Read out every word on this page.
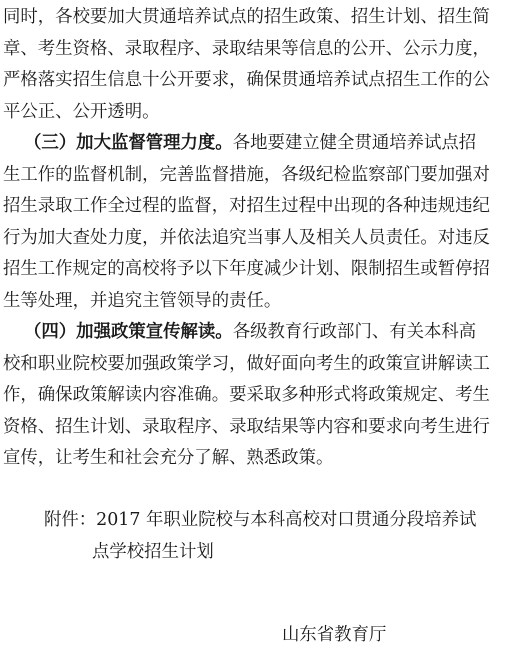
同时，各校要加大贯通培养试点的招生政策、招生计划、招生简
章、考生资格、录取程序、录取结果等信息的公开、公示力度，
严格落实招生信息十公开要求，确保贯通培养试点招生工作的公
平公正、公开透明。
（三）加大监督管理力度。各地要建立健全贯通培养试点招
生工作的监督机制，完善监督措施，各级纪检监察部门要加强对
招生录取工作全过程的监督，对招生过程中出现的各种违规违纪
行为加大查处力度，并依法追究当事人及相关人员责任。对违反
招生工作规定的高校将予以下年度减少计划、限制招生或暂停招
生等处理，并追究主管领导的责任。
（四）加强政策宣传解读。各级教育行政部门、有关本科高
校和职业院校要加强政策学习，做好面向考生的政策宣讲解读工
作，确保政策解读内容准确。要采取多种形式将政策规定、考生
资格、招生计划、录取程序、录取结果等内容和要求向考生进行
宣传，让考生和社会充分了解、熟悉政策。
附件：2017 年职业院校与本科高校对口贯通分段培养试
点学校招生计划
山东省教育厅
